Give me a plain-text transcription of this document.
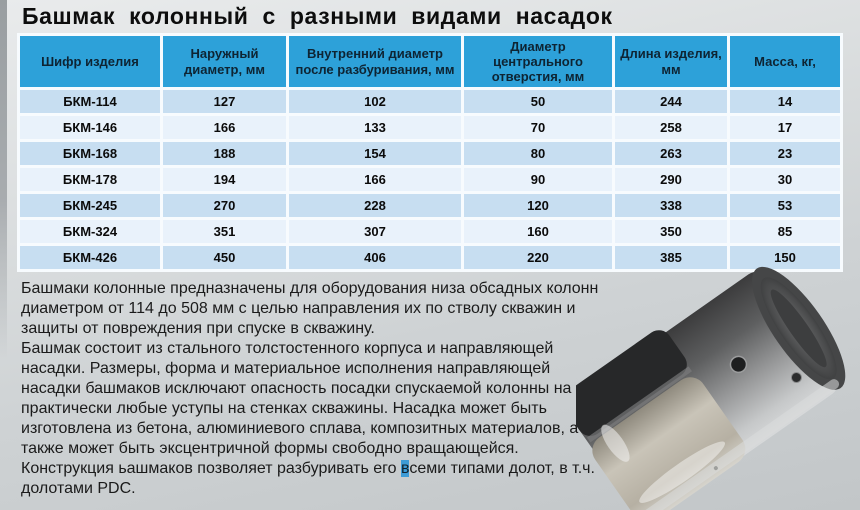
Башмак колонный с разными видами насадок
Шифр изделия	Наружный диаметр, мм	Внутренний диаметр после разбуривания, мм	Диаметр центрального отверстия, мм	Длина изделия, мм	Масса, кг,
БКМ-114	127	102	50	244	14
БКМ-146	166	133	70	258	17
БКМ-168	188	154	80	263	23
БКМ-178	194	166	90	290	30
БКМ-245	270	228	120	338	53
БКМ-324	351	307	160	350	85
БКМ-426	450	406	220	385	150

Башмаки колонные предназначены для оборудования низа обсадных колонн диаметром от 114 до 508 мм с целью направления их по стволу скважин и защиты от повреждения при спуске в скважину.

Башмак состоит из стального толстостенного корпуса и направляющей насадки. Размеры, форма и материальное исполнения направляющей насадки башмаков исключают опасность посадки спускаемой колонны на практически любые уступы на стенках скважины. Насадка может быть изготовлена из бетона, алюминиевого сплава, композитных материалов, а также может быть эксцентричной формы свободно вращающейся. Конструкция ьашмаков позволяет разбуривать его всеми типами долот, в т.ч. долотами PDC.
